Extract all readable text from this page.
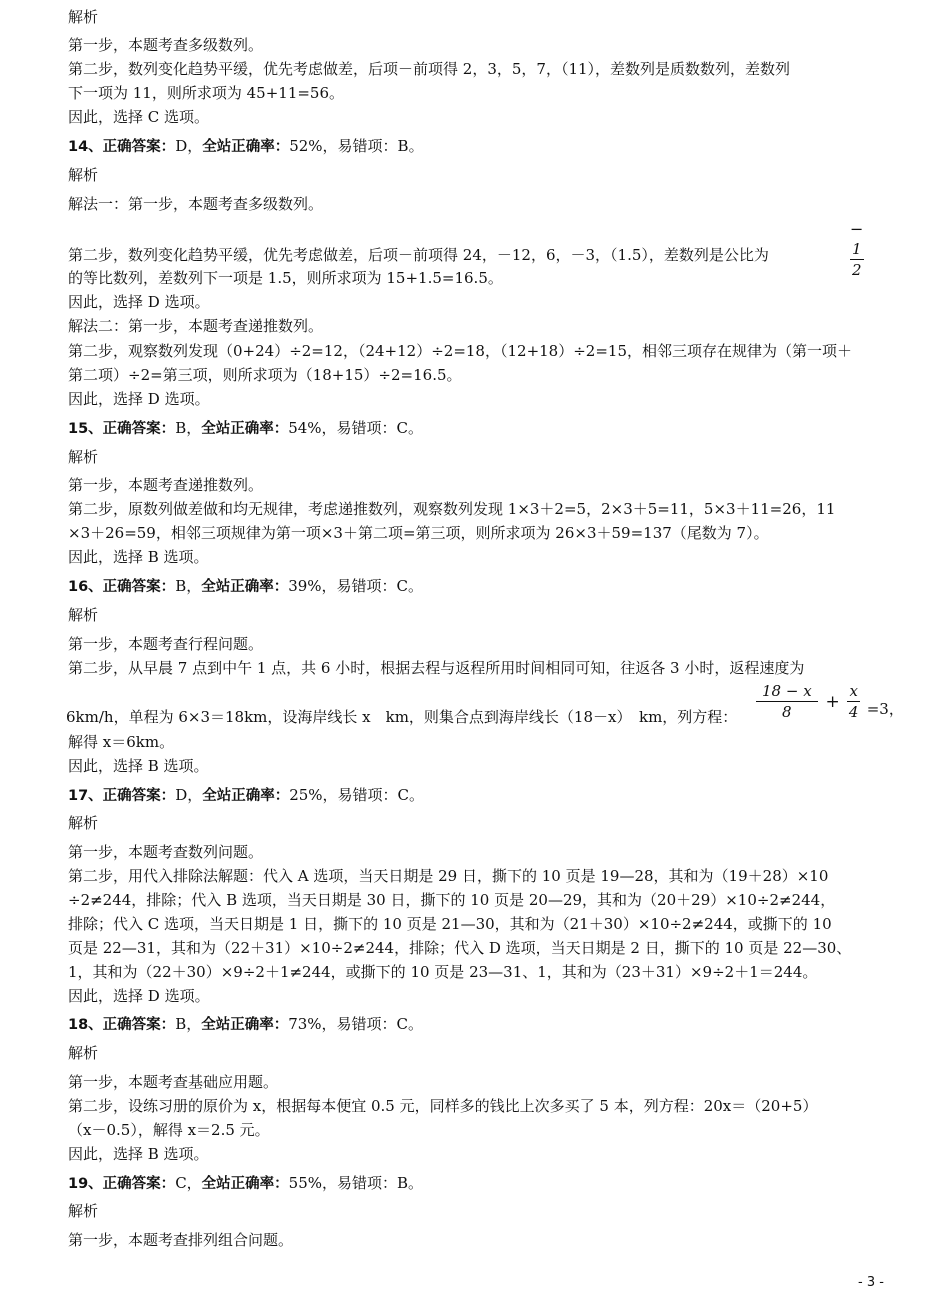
解析
第一步，本题考查多级数列。
第二步，数列变化趋势平缓，优先考虑做差，后项－前项得 2，3，5，7，（11），差数列是质数数列，差数列
下一项为 11，则所求项为 45+11=56。
因此，选择 C 选项。
14、正确答案：D，全站正确率：52%，易错项：B。
解析
解法一：第一步，本题考查多级数列。
第二步，数列变化趋势平缓，优先考虑做差，后项－前项得 24，－12，6，－3，（1.5），差数列是公比为
−
$\frac{1}{2}$
的等比数列，差数列下一项是 1.5，则所求项为 15+1.5=16.5。
因此，选择 D 选项。
解法二：第一步，本题考查递推数列。
第二步，观察数列发现（0+24）÷2=12，（24+12）÷2=18，（12+18）÷2=15，相邻三项存在规律为（第一项＋
第二项）÷2=第三项，则所求项为（18+15）÷2=16.5。
因此，选择 D 选项。
15、正确答案：B，全站正确率：54%，易错项：C。
解析
第一步，本题考查递推数列。
第二步，原数列做差做和均无规律，考虑递推数列，观察数列发现 1×3＋2=5，2×3＋5=11，5×3＋11=26，11
×3＋26=59，相邻三项规律为第一项×3＋第二项=第三项，则所求项为 26×3＋59=137（尾数为 7）。
因此，选择 B 选项。
16、正确答案：B，全站正确率：39%，易错项：C。
解析
第一步，本题考查行程问题。
第二步，从早晨 7 点到中午 1 点，共 6 小时，根据去程与返程所用时间相同可知，往返各 3 小时，返程速度为
6km/h，单程为 6×3＝18km，设海岸线长 x　km，则集合点到海岸线长（18－x）　km，列方程：	$\frac{18 - x}{8} + \frac{x}{4} =3$，
解得 x＝6km。
因此，选择 B 选项。
17、正确答案：D，全站正确率：25%，易错项：C。
解析
第一步，本题考查数列问题。
第二步，用代入排除法解题：代入 A 选项，当天日期是 29 日，撕下的 10 页是 19—28，其和为（19＋28）×10
÷2≠244，排除；代入 B 选项，当天日期是 30 日，撕下的 10 页是 20—29，其和为（20＋29）×10÷2≠244，
排除；代入 C 选项，当天日期是 1 日，撕下的 10 页是 21—30，其和为（21＋30）×10÷2≠244，或撕下的 10
页是 22—31，其和为（22＋31）×10÷2≠244，排除；代入 D 选项，当天日期是 2 日，撕下的 10 页是 22—30、
1，其和为（22＋30）×9÷2＋1≠244，或撕下的 10 页是 23—31、1，其和为（23＋31）×9÷2＋1＝244。
因此，选择 D 选项。
18、正确答案：B，全站正确率：73%，易错项：C。
解析
第一步，本题考查基础应用题。
第二步，设练习册的原价为 x，根据每本便宜 0.5 元，同样多的钱比上次多买了 5 本，列方程：20x＝（20+5）
（x－0.5），解得 x＝2.5 元。
因此，选择 B 选项。
19、正确答案：C，全站正确率：55%，易错项：B。
解析
第一步，本题考查排列组合问题。
- 3 -
